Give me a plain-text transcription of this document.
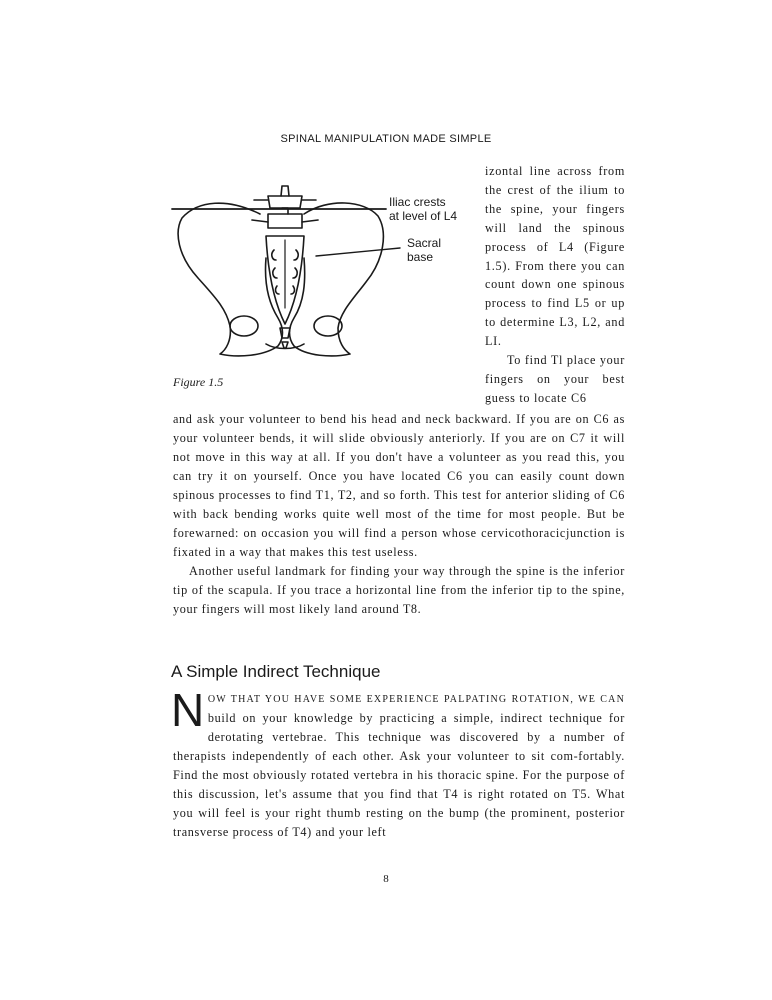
SPINAL MANIPULATION MADE SIMPLE
Iliac crests
at level of L4
Sacral
base
Figure 1.5

izontal line across from the crest of the ilium to the spine, your fingers will land the spinous process of L4 (Figure 1.5). From there you can count down one spinous process to find L5 or up to determine L3, L2, and LI.

To find Tl place your fingers on your best guess to locate C6

and ask your volunteer to bend his head and neck backward. If you are on C6 as your volunteer bends, it will slide obviously anteriorly. If you are on C7 it will not move in this way at all. If you don't have a volunteer as you read this, you can try it on yourself. Once you have located C6 you can easily count down spinous processes to find T1, T2, and so forth. This test for anterior sliding of C6 with back bending works quite well most of the time for most people. But be forewarned: on occasion you will find a person whose cervicothoracicjunction is fixated in a way that makes this test useless.

Another useful landmark for finding your way through the spine is the inferior tip of the scapula. If you trace a horizontal line from the inferior tip to the spine, your fingers will most likely land around T8.

A Simple Indirect Technique
NOW THAT YOU HAVE SOME EXPERIENCE PALPATING ROTATION, WE CAN build on your knowledge by practicing a simple, indirect technique for derotating vertebrae. This technique was discovered by a number of therapists independently of each other. Ask your volunteer to sit com-fortably. Find the most obviously rotated vertebra in his thoracic spine. For the purpose of this discussion, let's assume that you find that T4 is right rotated on T5. What you will feel is your right thumb resting on the bump (the prominent, posterior transverse process of T4) and your left
8
